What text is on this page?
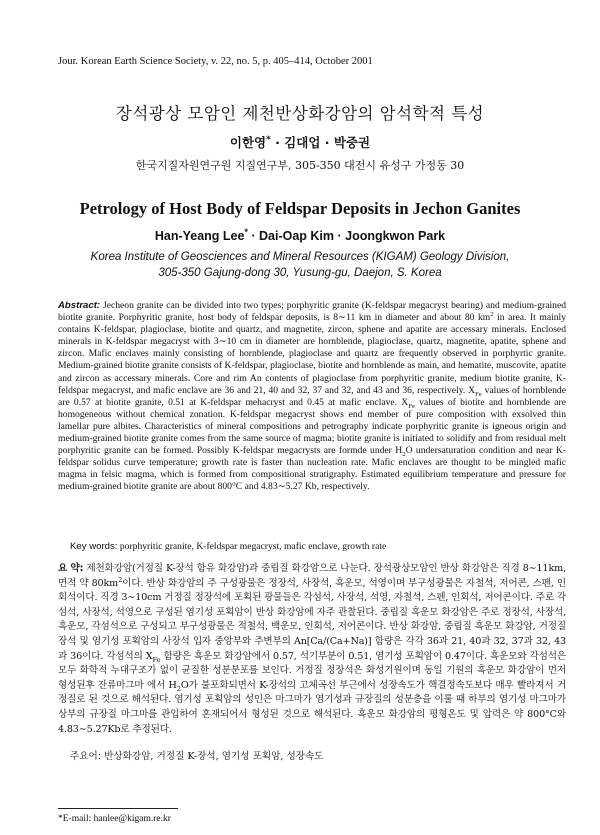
Jour. Korean Earth Science Society, v. 22, no. 5, p. 405–414, October 2001
장석광상 모암인 제천반상화강암의 암석학적 특성
이한영* · 김대업 · 박중권
한국지질자원연구원 지질연구부, 305-350 대전시 유성구 가정동 30
Petrology of Host Body of Feldspar Deposits in Jechon Ganites
Han-Yeang Lee* · Dai-Oap Kim · Joongkwon Park
Korea Institute of Geosciences and Mineral Resources (KIGAM) Geology Division,
305-350 Gajung-dong 30, Yusung-gu, Daejon, S. Korea
Abstract: Jecheon granite can be divided into two types; porphyritic granite (K-feldspar megacryst bearing) and medium-grained biotite granite. Porphyritic granite, host body of feldspar deposits, is 8∼11 km in diameter and about 80 $km^2$ in area. It mainly contains K-feldspar, plagioclase, biotite and quartz, and magnetite, zircon, sphene and apatite are accessary minerals. Enclosed minerals in K-feldspar megacryst with 3∼10 cm in diameter are hornblende, plagioclase, quartz, magnetite, apatite, sphene and zircon. Mafic enclaves mainly consisting of hornblende, plagioclase and quartz are frequently observed in porphyrtic granite. Medium-grained biotite granite consists of K-feldspar, plagioclase, biotite and hornblende as main, and hematite, muscovite, apatite and zircon as accessary minerals. Core and rim An contents of plagioclase from porphyritic granite, medium biotite granite, K-feldspar megacryst, and mafic enclave are 36 and 21, 40 and 32, 37 and 32, and 43 and 36, respectively. $X_{Fe}$ values of hornblende are 0.57 at biotite granite, 0.51 at K-feldspar mehacryst and 0.45 at mafic enclave. $X_{Fe}$ values of biotite and hornblende are homogeneous without chemical zonation. K-feldspar megacryst shows end member of pure composition with exsolved thin lamellar pure albites. Characteristics of mineral compositions and petrography indicate porphyritic granite is igneous origin and medium-grained biotite granite comes from the same source of magma; biotite granite is initiated to solidify and from residual melt porphyritic granite can be formed. Possibly K-feldspar megacrysts are formde under $H_2O$ undersaturation condition and near K-feldspar solidus curve temperature; growth rate is faster than nucleation rate. Mafic enclaves are thought to be mingled mafic magma in felsic magma, which is formed from compositional stratigraphy. Estimated equilibrium temperature and pressure for medium-grained biotite granite are about 800°C and 4.83∼5.27 Kb, respectively.
Key words: porphyritic granite, K-feldspar megacryst, mafic enclave, growth rate
요 약: 제천화강암(거정질 K-장석 함유 화강암)과 중립질 화강암으로 나눈다. 장석광상모암인 반상 화강암은 직경 8∼11km, 면적 약 $80km^2$이다. 반상 화강암의 주 구성광물은 정장석, 사장석, 흑운모, 석영이며 부구성광물은 자철석, 저어콘, 스펜, 인회석이다. 직경 3∼10cm 거정질 정장석에 포획된 광물들은 각섬석, 사장석, 석영, 자철석, 스펜, 인회석, 저어콘이다. 주로 각섬석, 사장석, 석영으로 구성된 염기성 포획암이 반상 화강암에 자주 관찰된다. 중립질 흑운모 화강암은 주로 정장석, 사장석, 흑운모, 각섬석으로 구성되고 부구성광물은 적철석, 백운모, 인회석, 저어콘이다. 반상 화강암, 중립질 흑운모 화강암, 거정질 장석 및 염기성 포획암의 사장석 입자 중앙부와 주변부의 An[Ca/(Ca+Na)] 함량은 각각 36과 21, 40과 32, 37과 32, 43과 36이다. 각섬석의 $X_{Fe}$ 함량은 흑운모 화강암에서 0.57, 석기부분이 0.51, 염기성 포획암이 0.47이다. 흑운모와 각섬석은 모두 화학적 누대구조가 없이 균질한 성분분포를 보인다. 거정질 정장석은 화성기원이며 동일 기원의 흑운모 화강암이 먼저 형성된후 잔류마그마 에서 $H_2O$가 불포화되면서 K-장석의 고체곡선 부근에서 성장속도가 핵결정속도보다 매우 빨라져서 거정질로 된 것으로 해석된다. 염기성 포획암의 성인은 마그마가 염기성과 규장질의 성분층을 이룰 때 하부의 염기성 마그마가 상부의 규장질 마그마를 관입하여 혼재되어서 형성된 것으로 해석된다. 흑운모 화강암의 평형온도 및 압력은 약 800°C와 4.83∼5.27Kb로 추정된다.
주요어: 반상화강암, 거정질 K-장석, 염기성 포획암, 성장속도
*E-mail: hanlee@kigam.re.kr
